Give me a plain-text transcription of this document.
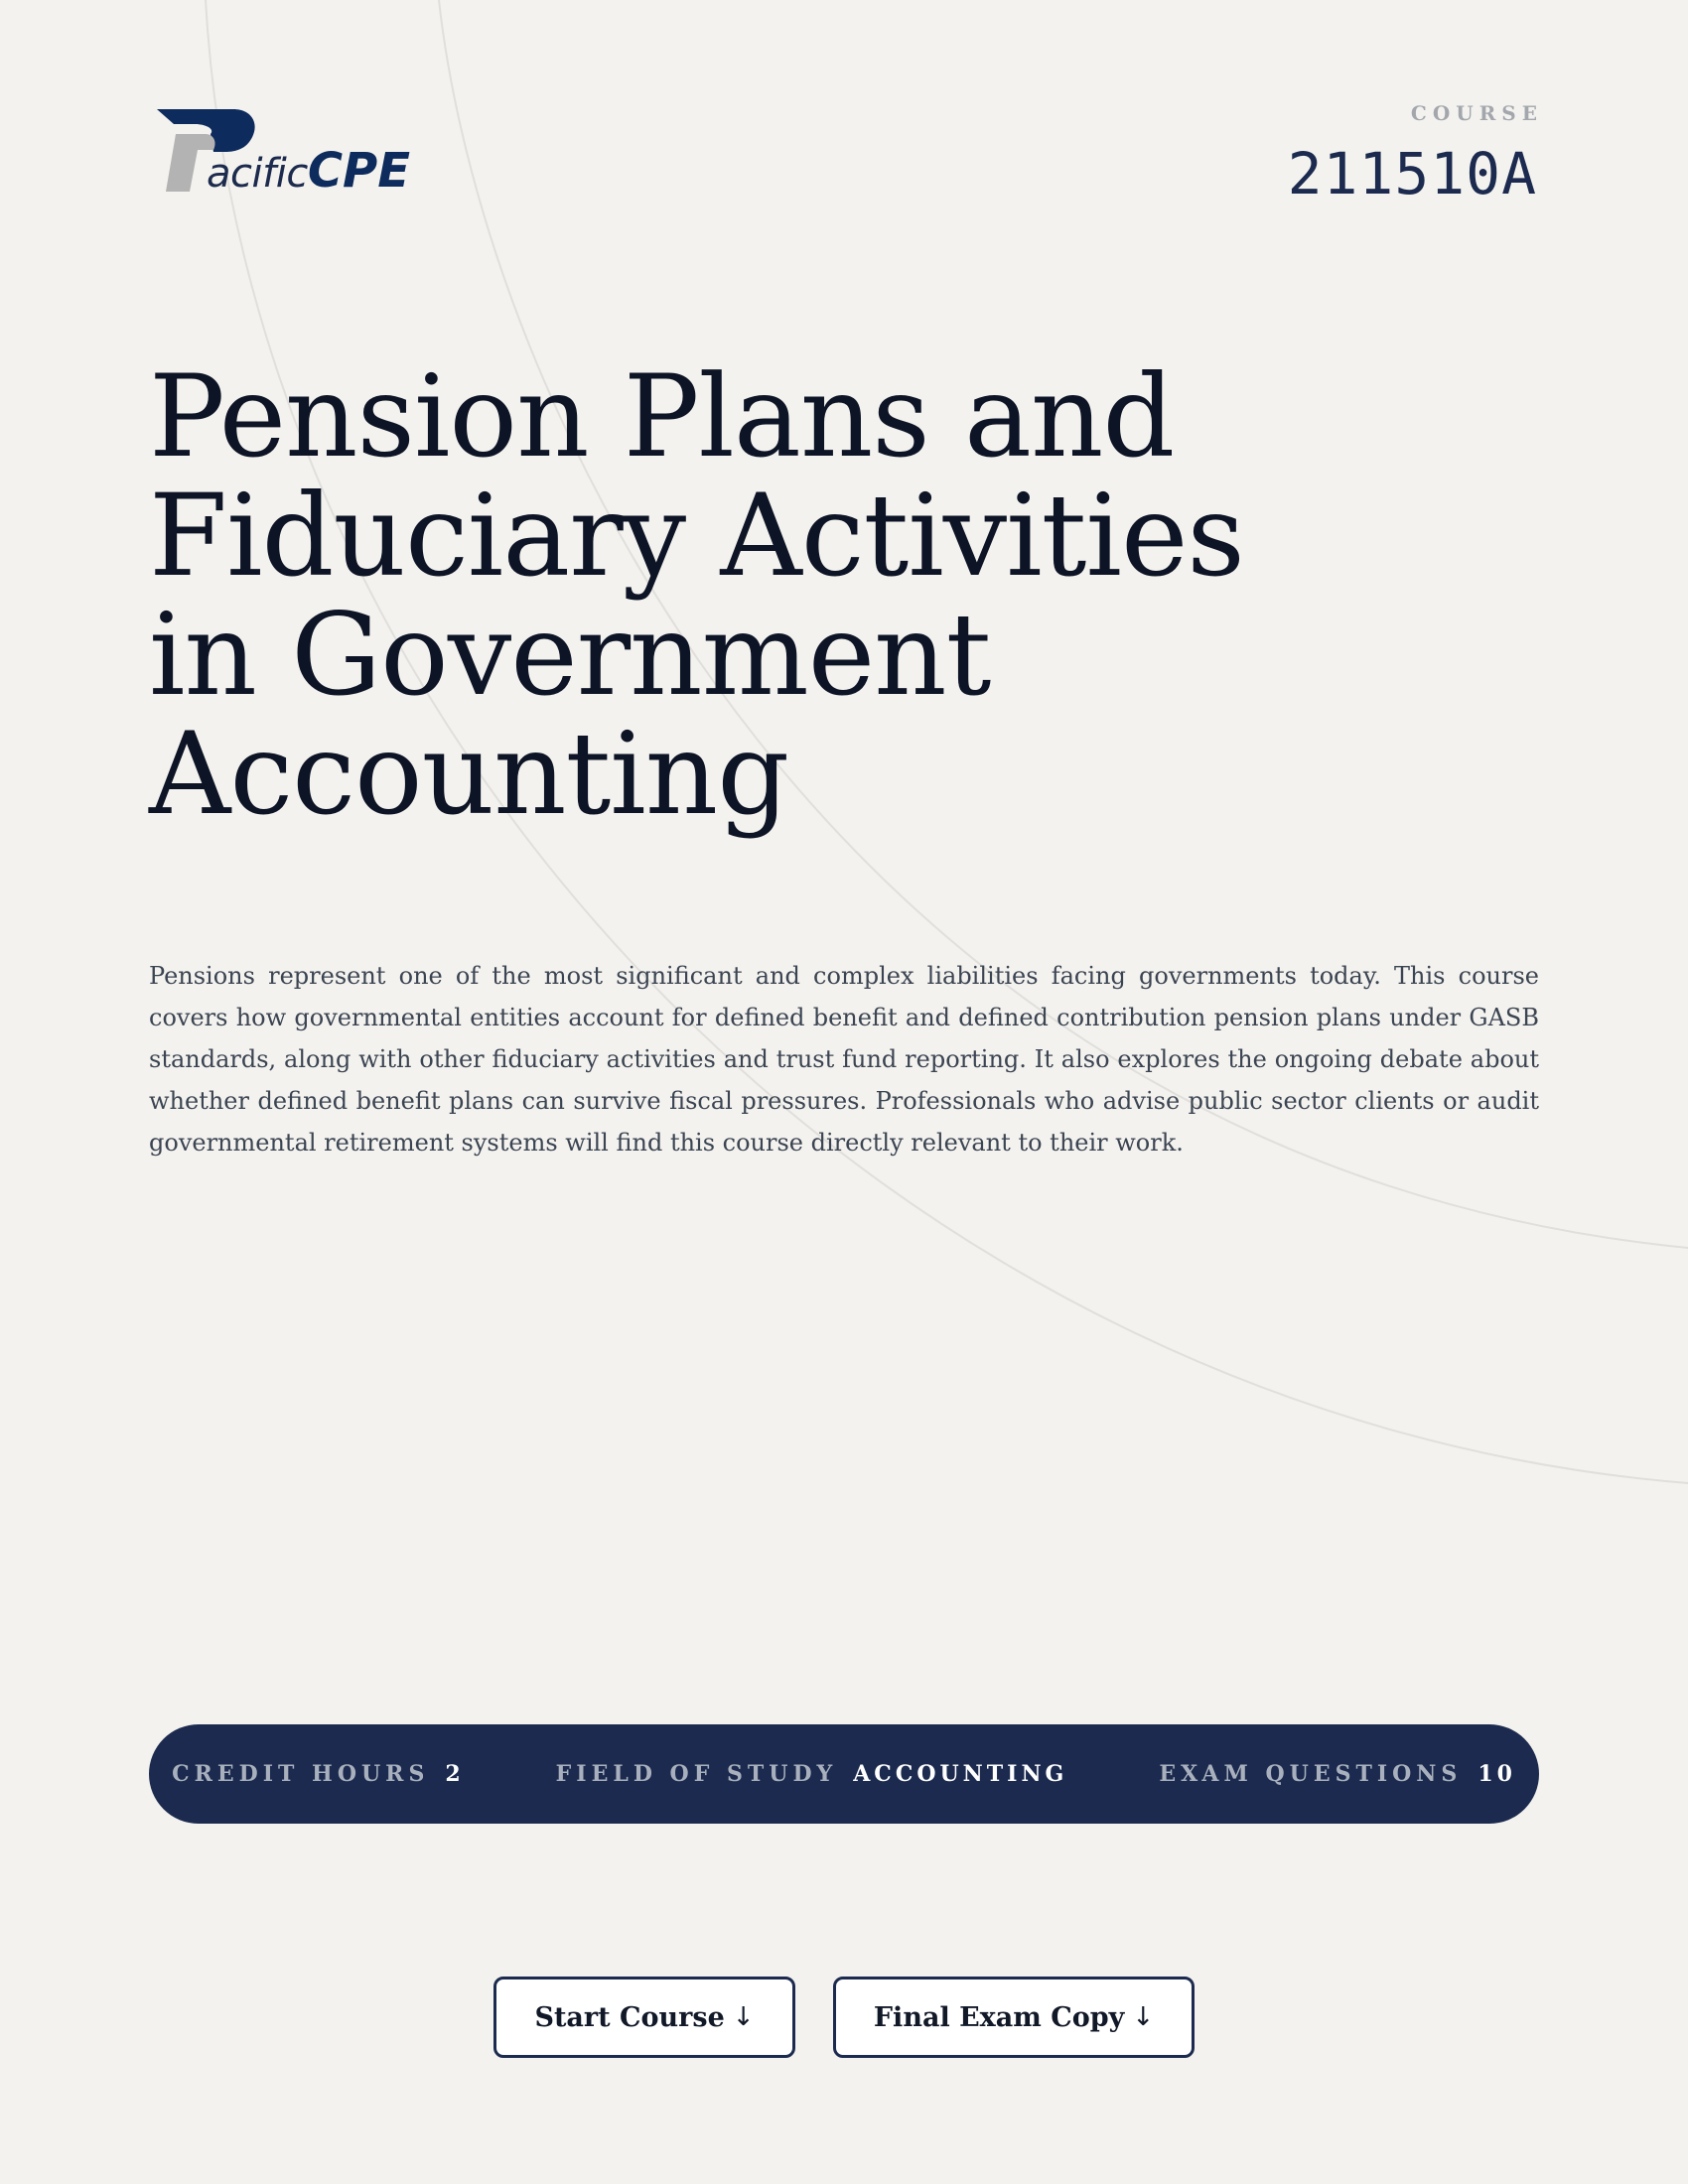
acificCPE
COURSE
211510A
Pension Plans and
Fiduciary Activities
in Government
Accounting

Pensions represent one of the most significant and complex liabilities facing governments today. This course covers how governmental entities account for defined benefit and defined contribution pension plans under GASB standards, along with other fiduciary activities and trust fund reporting. It also explores the ongoing debate about whether defined benefit plans can survive fiscal pressures. Professionals who advise public sector clients or audit governmental retirement systems will find this course directly relevant to their work.

CREDIT HOURS 2	FIELD OF STUDY ACCOUNTING	EXAM QUESTIONS 10
Start Course ↓	Final Exam Copy ↓
